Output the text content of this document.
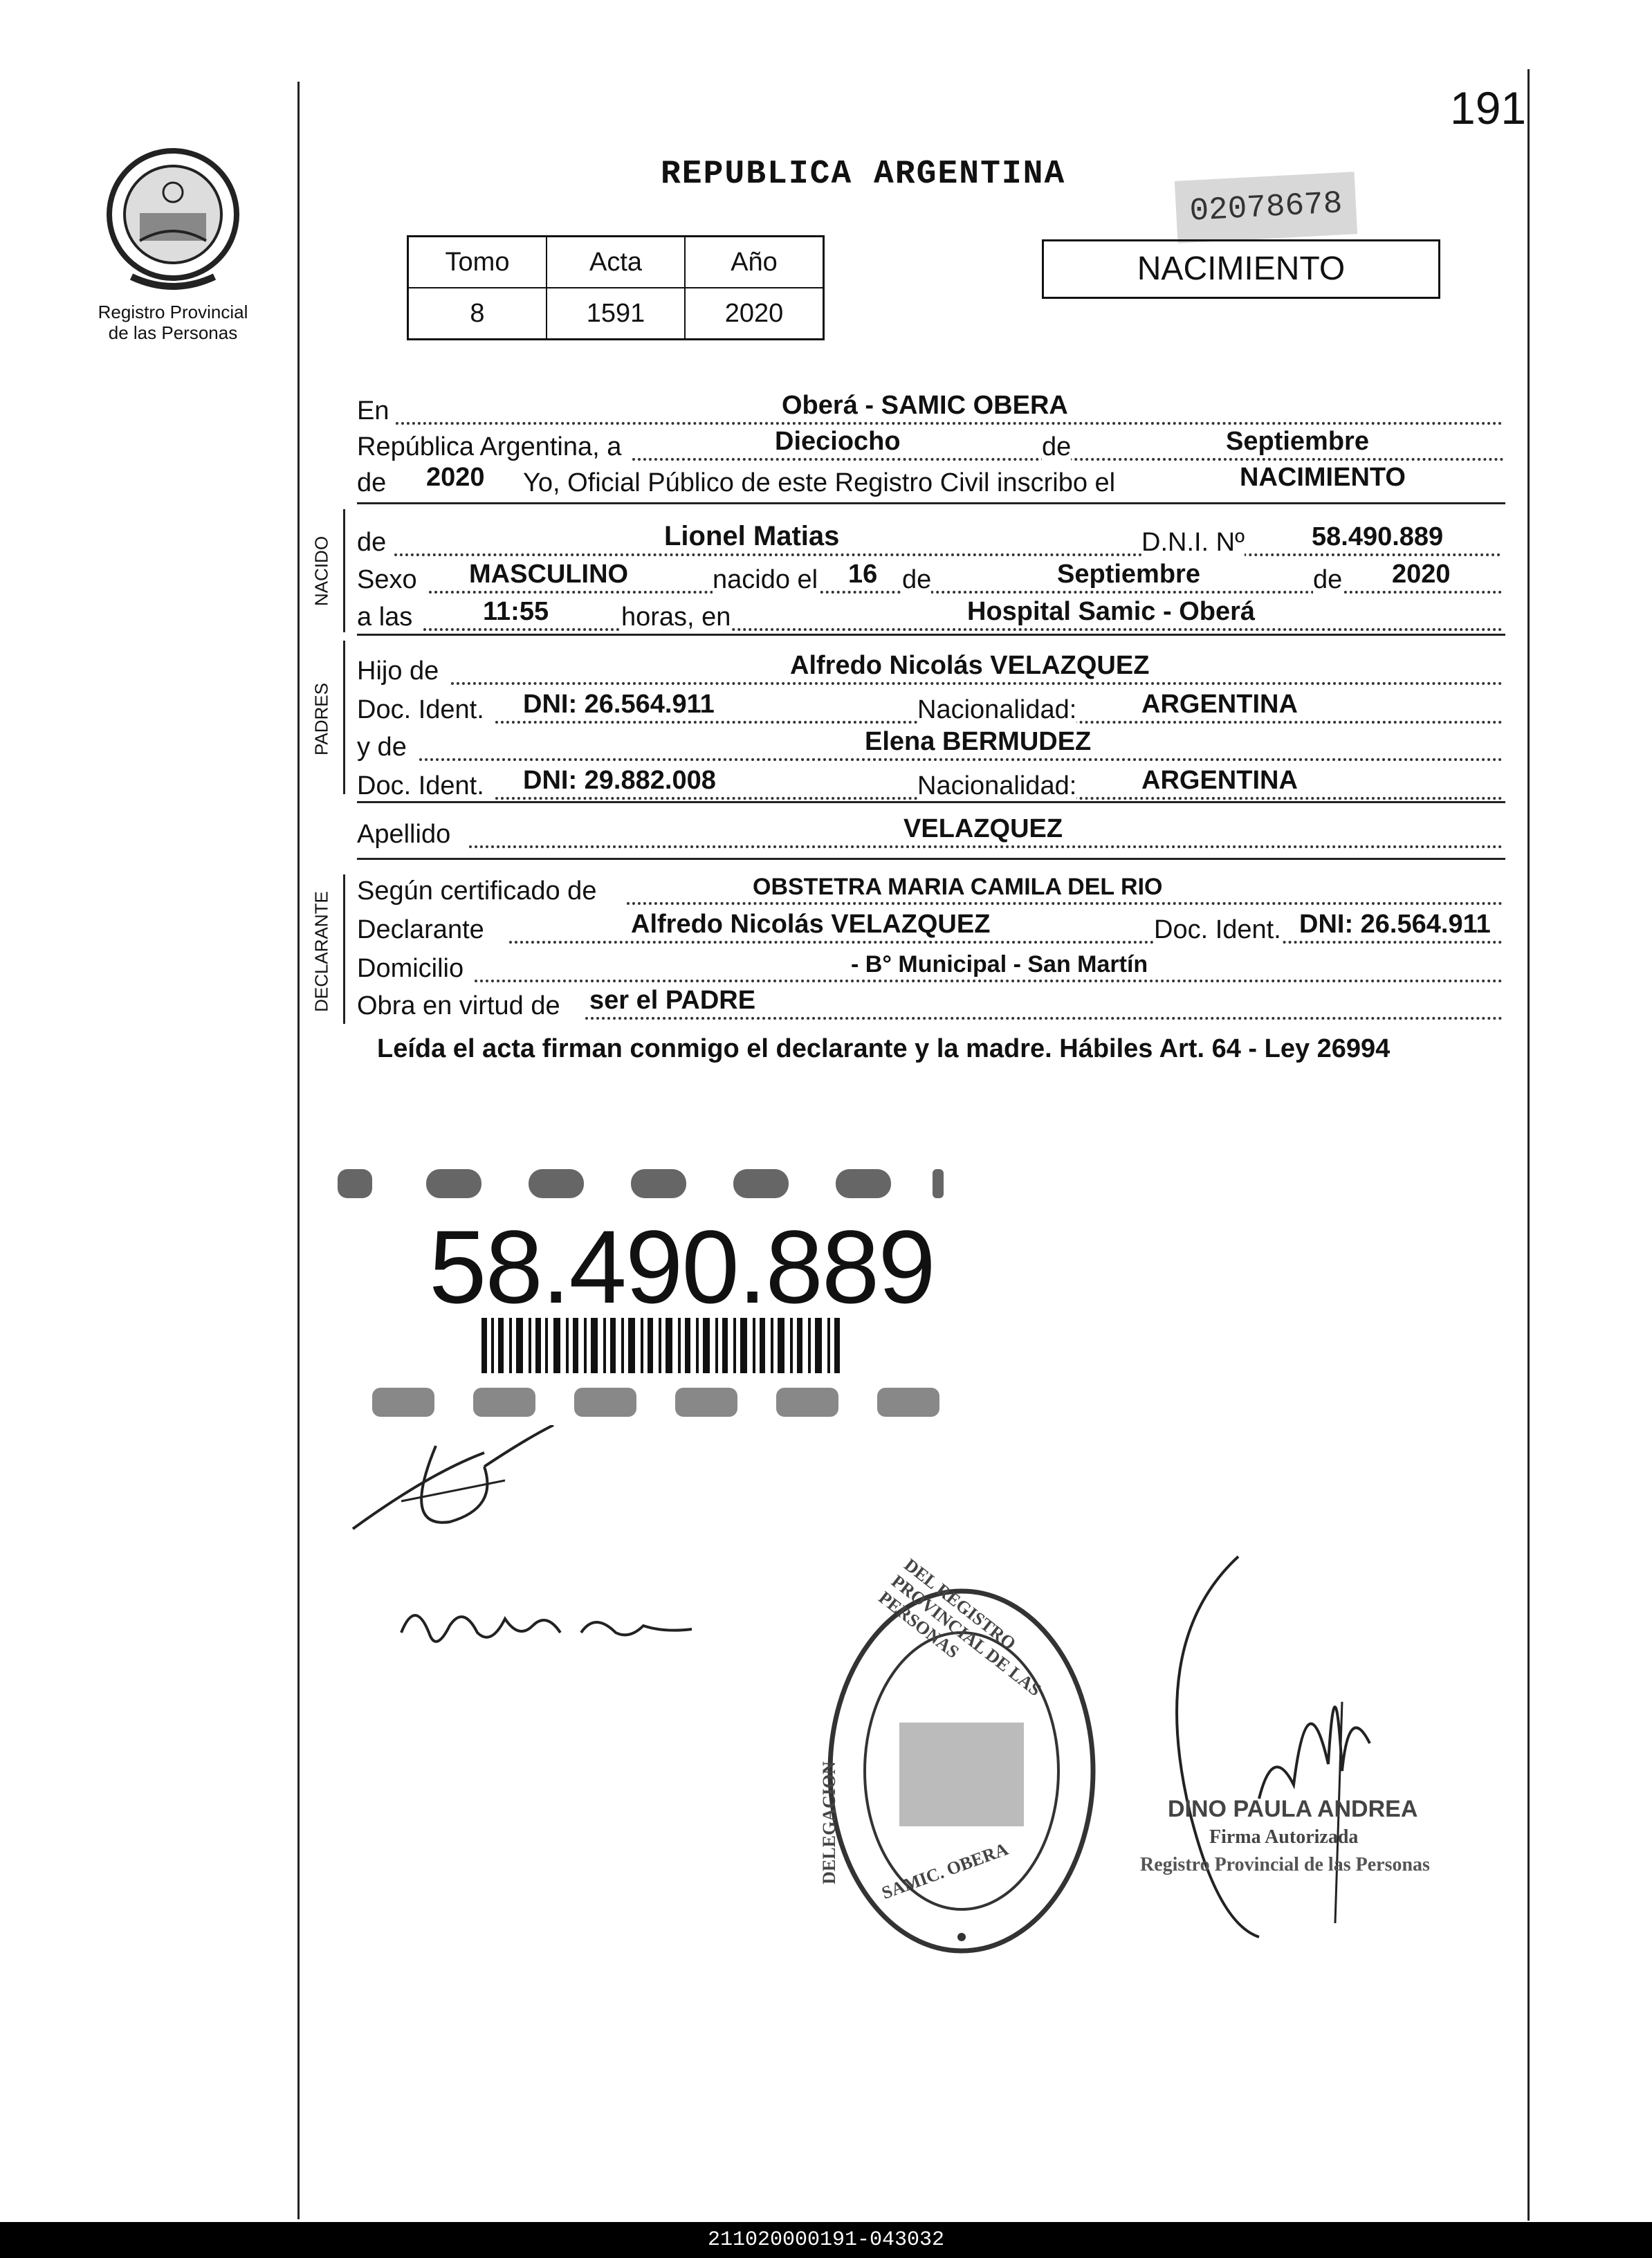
Registro Provincial
de las Personas
191
REPUBLICA ARGENTINA
02078678
Tomo	Acta	Año
8	1591	2020
NACIMIENTO
En	Oberá - SAMIC OBERA
República Argentina, a	Dieciocho	de	Septiembre
de 2020 Yo, Oficial Público de este Registro Civil inscribo el	NACIMIENTO
NACIDO de	Lionel Matias	D.N.I. Nº	58.490.889
Sexo MASCULINO	nacido el 16 de	Septiembre	de 2020
a las	11:55	horas, en	Hospital Samic - Oberá
PADRES
Hijo de	Alfredo Nicolás VELAZQUEZ
Doc. Ident. DNI: 26.564.911	Nacionalidad: ARGENTINA
y de	Elena BERMUDEZ
Doc. Ident. DNI: 29.882.008	Nacionalidad: ARGENTINA
Apellido	VELAZQUEZ
DECLARANTE
Según certificado de	OBSTETRA MARIA CAMILA DEL RIO
Declarante	Alfredo Nicolás VELAZQUEZ	Doc. Ident. DNI: 26.564.911
Domicilio	- B° Municipal - San Martín
Obra en virtud de ser el PADRE
Leída el acta firman conmigo el declarante y la madre. Hábiles Art. 64 - Ley 26994
58.490.889
DEL REGISTRO PROVINCIAL DE LAS PERSONAS
SAMIC. OBERA
DELEGACION	DINO PAULA ANDREA
Firma Autorizada
Registro Provincial de las Personas
211020000191-043032
